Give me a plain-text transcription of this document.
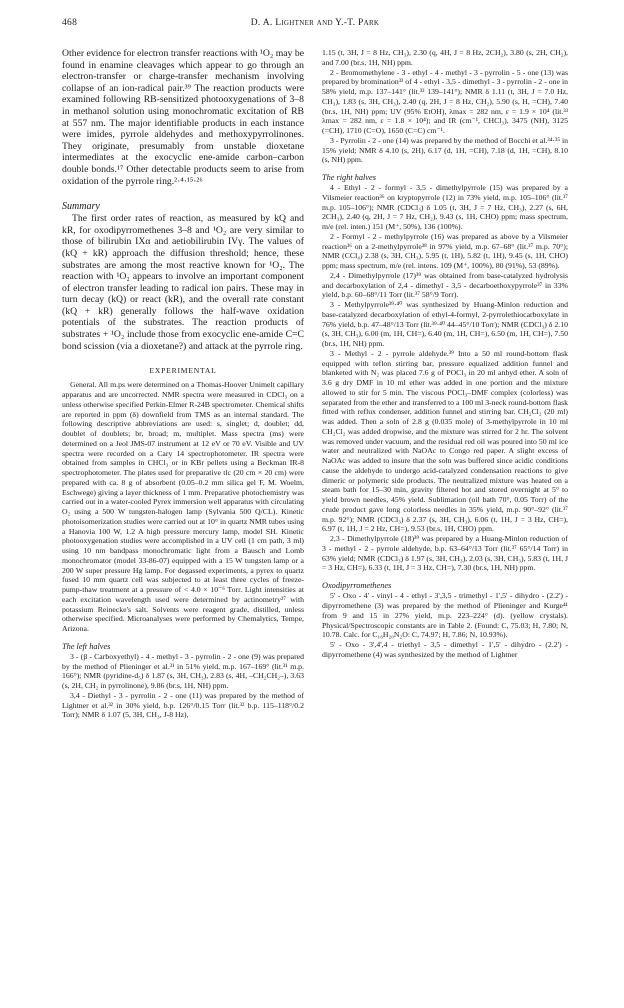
468	D. A. Lightner and Y.-T. Park

Other evidence for electron transfer reactions with ¹O₂ may be found in enamine cleavages which appear to go through an electron-transfer or charge-transfer mechanism involving collapse of an ion-radical pair.³⁹ The reaction products were examined following RB-sensitized photooxygenations of 3–8 in methanol solution using monochromatic excitation of RB at 557 nm. The major identifiable products in each instance were imides, pyrrole aldehydes and methoxypyrrolinones. They originate, presumably from unstable dioxetane intermediates at the exocyclic ene-amide carbon–carbon double bonds.¹⁷ Other detectable products seem to arise from oxidation of the pyrrole ring.²·⁴·¹⁵·²⁶

Summary

The first order rates of reaction, as measured by kQ and kR, for oxodipyrromethenes 3–8 and ¹O₂ are very similar to those of bilirubin IXα and aetiobilirubin IVγ. The values of (kQ + kR) approach the diffusion threshold; hence, these substrates are among the most reactive known for ¹O₂. The reaction with ¹O₂ appears to involve an important component of electron transfer leading to radical ion pairs. These may in turn decay (kQ) or react (kR), and the overall rate constant (kQ + kR) generally follows the half-wave oxidation potentials of the substrates. The reaction products of substrates + ¹O₂ include those from exocyclic ene-amide C=C bond scission (via a dioxetane?) and attack at the pyrrole ring.

EXPERIMENTAL

General. All m.ps were determined on a Thomas-Hoover Unimelt capillary apparatus and are uncorrected. NMR spectra were measured in CDCl₃ on a unless otherwise specified Perkin-Elmer R-24B spectrometer. Chemical shifts are reported in ppm (δ) downfield from TMS as an internal standard. The following descriptive abbreviations are used: s, singlet; d, doublet; dd, doublet of doublets; br, broad; m, multiplet. Mass spectra (ms) were determined on a Jeol JMS-07 instrument at 12 eV or 70 eV. Visible and UV spectra were recorded on a Cary 14 spectrophotometer. IR spectra were obtained from samples in CHCl₃ or in KBr pellets using a Beckman IR-8 spectrophotometer. The plates used for preparative tlc (20 cm × 20 cm) were prepared with ca. 8 g of absorbent (0.05–0.2 mm silica gel F, M. Woelm, Eschwege) giving a layer thickness of 1 mm. Preparative photochemistry was carried out in a water-cooled Pyrex immersion well apparatus with circulating O₂ using a 500 W tungsten-halogen lamp (Sylvania 500 Q/CL). Kinetic photoisomerization studies were carried out at 10° in quartz NMR tubes using a Hanovia 100 W, 1.2 A high pressure mercury lamp, model SH. Kinetic photooxygenation studies were accomplished in a UV cell (1 cm path, 3 ml) using 10 nm bandpass monochromatic light from a Bausch and Lomb monochromator (model 33-86-07) equipped with a 15 W tungsten lamp or a 200 W super pressure Hg lamp. For degassed experiments, a pyrex to quartz fused 10 mm quartz cell was subjected to at least three cycles of freeze-pump-thaw treatment at a pressure of < 4.0 × 10⁻⁶ Torr. Light intensities at each excitation wavelength used were determined by actinometry²⁷ with potassium Reinecke's salt. Solvents were reagent grade, distilled, unless otherwise specified. Microanalyses were performed by Chemalytics, Tempe, Arizona.

The left halves

3 - (β - Carboxyethyl) - 4 - methyl - 3 - pyrrolin - 2 - one (9) was prepared by the method of Plieninger et al.³¹ in 51% yield, m.p. 167–169° (lit.³¹ m.p. 166°); NMR (pyridine-d₅) δ 1.87 (s, 3H, CH₃), 2.83 (s, 4H, –CH₂CH₂–), 3.63 (s, 2H, CH₂ in pyrrolinone), 9.86 (br.s, 1H, NH) ppm.

3,4 - Diethyl - 3 - pyrrolin - 2 - one (11) was prepared by the method of Lightner et al.³² in 30% yield, b.p. 126°/0.15 Torr (lit.³² b.p. 115–118°/0.2 Torr); NMR δ 1.07 (5, 3H, CH₃, J-8 Hz),

1.15 (t, 3H, J = 8 Hz, CH₃), 2.30 (q, 4H, J = 8 Hz, 2CH₂), 3.80 (s, 2H, CH₂), and 7.00 (br.s, 1H, NH) ppm.

2 - Bromomethylene - 3 - ethyl - 4 - methyl - 3 - pyrrolin - 5 - one (13) was prepared by bromination³³ of 4 - ethyl - 3,5 - dimethyl - 3 - pyrrolin - 2 - one in 58% yield, m.p. 137–141° (lit.³³ 139–141°); NMR δ 1.11 (t, 3H, J = 7.0 Hz, CH₃), 1.83 (s, 3H, CH₃), 2.40 (q, 2H, J = 8 Hz, CH₂), 5.90 (s, H, =CH), 7.40 (br.s, 1H, NH) ppm; UV (95% EtOH), λmax = 282 nm, ε = 1.9 × 10⁴ (lit.³³ λmax = 282 nm, ε = 1.8 × 10⁴); and IR (cm⁻¹, CHCl₃), 3475 (NH), 3125 (=CH), 1710 (C=O), 1650 (C=C) cm⁻¹.

3 - Pyrrolin - 2 - one (14) was prepared by the method of Bocchi et al.³⁴·³⁵ in 15% yield; NMR δ 4.10 (s, 2H), 6.17 (d, 1H, =CH), 7.18 (d, 1H, =CH), 8.10 (s, NH) ppm.

The right halves

4 - Ethyl - 2 - formyl - 3,5 - dimethylpyrrole (15) was prepared by a Vilsmeier reaction³⁶ on kryptopyrrole (12) in 73% yield, m.p. 105–106° (lit.³⁷ m.p. 105–106°); NMR (CDCl₃) δ 1.05 (t, 3H, J = 7 Hz, CH₃), 2.27 (s, 6H, 2CH₃), 2.40 (q, 2H, J = 7 Hz, CH₂), 9.43 (s, 1H, CHO) ppm; mass spectrum, m/e (rel. inten.) 151 (M⁺, 50%), 136 (100%).

2 - Formyl - 2 - methylpyrrole (16) was prepared as above by a Vilsmeier reaction³⁶ on a 2-methylpyrrole³⁸ in 97% yield, m.p. 67–68° (lit.³⁷ m.p. 70°); NMR (CCl₄) 2.38 (s, 3H, CH₃), 5.95 (t, 1H), 5.82 (t, 1H), 9.45 (s, 1H, CHO) ppm; mass spectrum, m/e (rel. intens. 109 (M⁺, 100%), 80 (91%), 53 (89%).

2,4 - Dimethylpyrrole (17)³⁹ was obtained from base-catalyzed hydrolysis and decarboxylation of 2,4 - dimethyl - 3,5 - decarboethoxypyrrole³⁷ in 33% yield, b.p. 60–68°/11 Torr (lit.³⁷ 58°/9 Torr).

3 - Methylpyrrole³⁹·⁴⁰ was synthesized by Huang-Minlon reduction and base-catalyzed decarboxylation of ethyl-4-formyl, 2-pyrrolethiocarboxylate in 76% yield, b.p. 47–48°/13 Torr (lit.³⁹·⁴⁰ 44–45°/10 Torr); NMR (CDCl₃) δ 2.10 (s, 3H, CH₃), 6.00 (m, 1H, CH=), 6.40 (m, 1H, CH=), 6.50 (m, 1H, CH=), 7.50 (br.s, 1H, NH) ppm.

3 - Methyl - 2 - pyrrole aldehyde.³⁹ Into a 50 ml round-bottom flask equipped with teflon stirring bar, pressure equalized addition funnel and blanketed with N₂ was placed 7.6 g of POCl₃ in 20 ml anhyd ether. A soln of 3.6 g dry DMF in 10 ml ether was added in one portion and the mixture allowed to stir for 5 min. The viscous POCl₃–DMF complex (colorless) was separated from the ether and transferred to a 100 ml 3-neck round-bottom flask fitted with reflux condenser, addition funnel and stirring bar. CH₂Cl₂ (20 ml) was added. Then a soln of 2.8 g (0.035 mole) of 3-methylpyrrole in 10 ml CH₂Cl₂ was added dropwise, and the mixture was stirred for 2 hr. The solvent was removed under vacuum, and the residual red oil was poured into 50 ml ice water and neutralized with NaOAc to Congo red paper. A slight excess of NaOAc was added to insure that the soln was buffered since acidic conditions cause the aldehyde to undergo acid-catalyzed condensation reactions to give dimeric or polymeric side products. The neutralized mixture was heated on a steam bath for 15–30 min, gravity filtered hot and stored overnight at 5° to yield brown needles, 45% yield. Sublimation (oil bath 70°, 0.05 Torr) of the crude product gave long colorless needles in 35% yield, m.p. 90°–92° (lit.³⁷ m.p. 92°); NMR (CDCl₃) δ 2.37 (s, 3H, CH₃), 6.06 (t, 1H, J = 3 Hz, CH=), 6.97 (t, 1H, J = 2 Hz, CH=), 9.53 (br.s, 1H, CHO) ppm.

2,3 - Dimethylpyrrole (18)³⁹ was prepared by a Huang-Minlon reduction of 3 - methyl - 2 - pyrrole aldehyde, b.p. 63–64°/13 Torr (lit.³⁷ 65°/14 Torr) in 63% yield; NMR (CDCl₃) δ 1.97 (s, 3H, CH₃), 2.03 (s, 3H, CH₃), 5.83 (t, 1H, J = 3 Hz, CH=), 6.33 (t, 1H, J = 3 Hz, CH=), 7.30 (br.s, 1H, NH) ppm.

Oxodipyrromethenes

5' - Oxo - 4' - vinyl - 4 - ethyl - 3',3,5 - trimethyl - 1',5' - dihydro - (2.2') - dipyrromethene (3) was prepared by the method of Plieninger and Kurge⁴¹ from 9 and 15 in 27% yield, m.p. 223–224° (d). (yellow crystals). Physical/Spectroscopic constants are in Table 2. (Found: C, 75.03; H, 7.80; N, 10.78. Calc. for C₁₆H₂₀N₂O: C, 74.97; H, 7.86; N, 10.93%).

5' - Oxo - 3',4',4 - triethyl - 3,5 - dimethyl - 1',5' - dihydro - (2.2') - dipyrromethene (4) was synthesized by the method of Lightner
